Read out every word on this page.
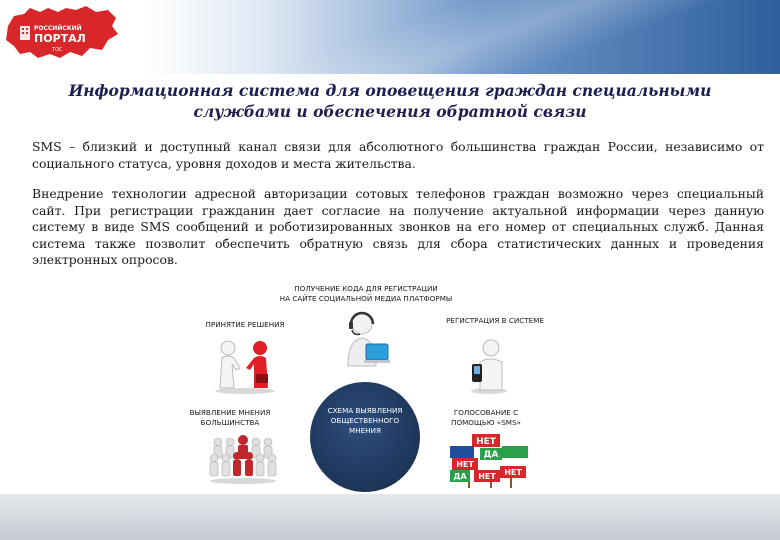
РОССИЙСКИЙ
ПОРТАЛ
ТОС
Информационная система для оповещения граждан специальными
службами и обеспечения обратной связи

SMS – близкий и доступный канал связи для абсолютного большинства граждан России, независимо от социального статуса, уровня доходов и места жительства.

Внедрение технологии адресной авторизации сотовых телефонов граждан возможно через специальный сайт. При регистрации гражданин дает согласие на получение актуальной информации через данную систему в виде SMS сообщений и роботизированных звонков на его номер от специальных служб. Данная система также позволит обеспечить обратную связь для сбора статистических данных и проведения электронных опросов.

ПОЛУЧЕНИЕ КОДА ДЛЯ РЕГИСТРАЦИИ
НА САЙТЕ СОЦИАЛЬНОЙ МЕДИА ПЛАТФОРМЫ
ПРИНЯТИЕ РЕШЕНИЯ	РЕГИСТРАЦИЯ В СИСТЕМЕ
ВЫЯВЛЕНИЕ МНЕНИЯ
БОЛЬШИНСТВА
ГОЛОСОВАНИЕ С
ПОМОЩЬЮ «SMS»
СХЕМА ВЫЯВЛЕНИЯ
ОБЩЕСТВЕННОГО
МНЕНИЯ
НЕТ
ДА
НЕТ
ДА НЕТ НЕТ
